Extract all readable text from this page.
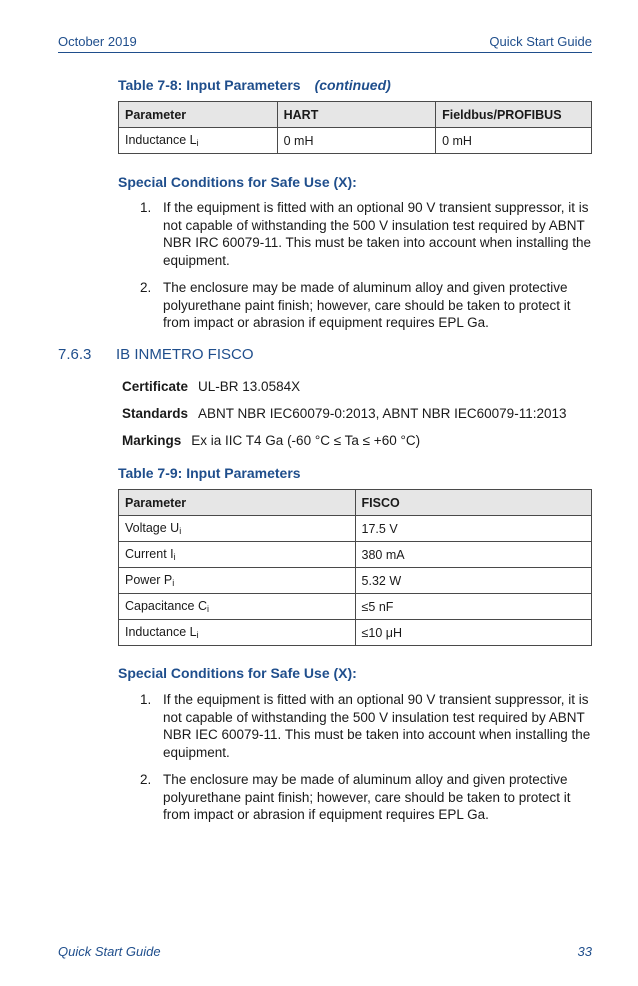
October 2019	Quick Start Guide
Table 7-8: Input Parameters (continued)
Parameter	HART	Fieldbus/PROFIBUS
Inductance $L_i$	0 mH	0 mH
Special Conditions for Safe Use (X):
1. If the equipment is fitted with an optional 90 V transient suppressor, it is not capable of withstanding the 500 V insulation test required by ABNT NBR IRC 60079-11. This must be taken into account when installing the equipment.
2. The enclosure may be made of aluminum alloy and given protective polyurethane paint finish; however, care should be taken to protect it from impact or abrasion if equipment requires EPL Ga.
7.6.3 IB INMETRO FISCO
Certificate UL-BR 13.0584X
Standards ABNT NBR IEC60079-0:2013, ABNT NBR IEC60079-11:2013
Markings Ex ia IIC T4 Ga (-60 °C ≤ Ta ≤ +60 °C)
Table 7-9: Input Parameters
Parameter	FISCO
Voltage $U_i$	17.5 V
Current $I_i$	380 mA
Power $P_i$	5.32 W
Capacitance $C_i$	≤5 nF
Inductance $L_i$	≤10 μH
Special Conditions for Safe Use (X):
1. If the equipment is fitted with an optional 90 V transient suppressor, it is not capable of withstanding the 500 V insulation test required by ABNT NBR IEC 60079-11. This must be taken into account when installing the equipment.
2. The enclosure may be made of aluminum alloy and given protective polyurethane paint finish; however, care should be taken to protect it from impact or abrasion if equipment requires EPL Ga.
Quick Start Guide	33
